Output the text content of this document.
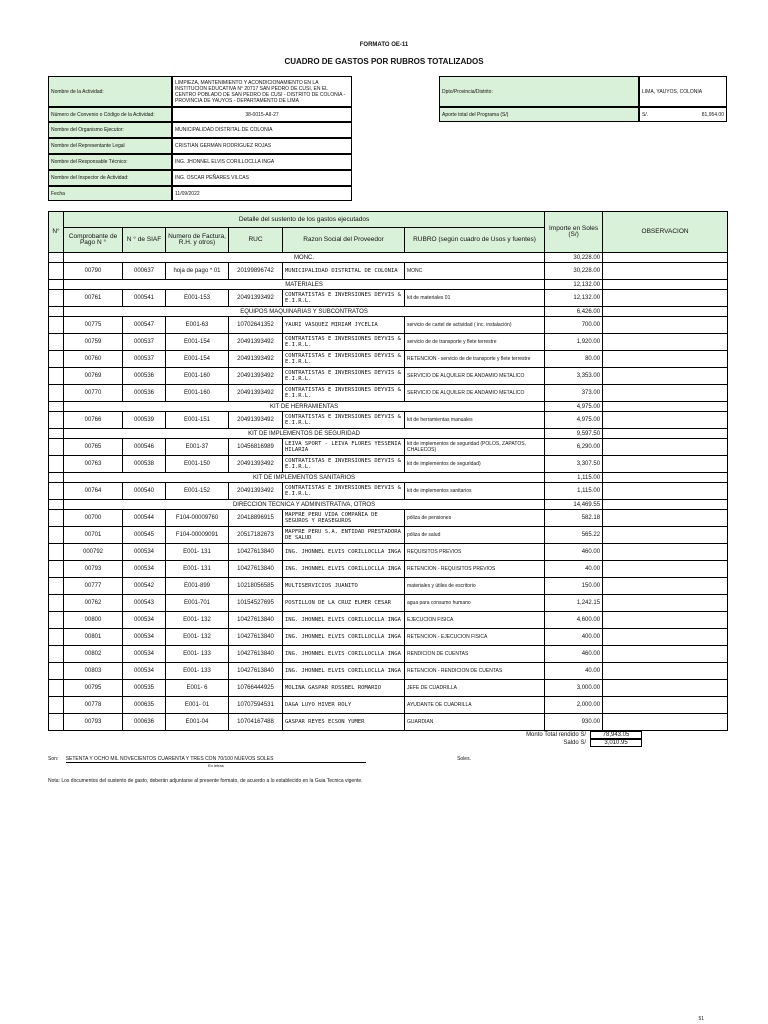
FORMATO OE-11
CUADRO DE GASTOS POR RUBROS TOTALIZADOS
Nombre de la Actividad:
LIMPIEZA, MANTENIMIENTO Y ACONDICIONAMIENTO EN LA INSTITUCION EDUCATIVA N° 20717 SAN PEDRO DE CUSI, EN EL CENTRO POBLADO DE SAN PEDRO DE CUSI - DISTRITO DE COLONIA - PROVINCIA DE YAUYOS - DEPARTAMENTO DE LIMA
Número de Convenio o Código de la Actividad:	38-0015-AII-27
Nombre del Organismo Ejecutor:	MUNICIPALIDAD DISTRITAL DE COLONIA
Nombre del Representante Legal	CRISTIAN GERMAN RODRIGUEZ ROJAS
Nombre del Responsable Técnico:	ING. JHONNEL ELVIS CORILLOCLLA INGA
Nombre del Inspector de Actividad:	ING. OSCAR PEÑARES VILCAS
Fecha	11/09/2022
Dpto/Provincia/Distrito:	LIMA, YAUYOS, COLONIA
Aporte total del Programa (S/)	S/.	81,954.00
N°	Detalle del sustento de los gastos ejecutados						Importe en Soles (S/)	OBSERVACION
	Comprobante de Pago N °	N ° de SIAF	Numero de Factura, R.H. y otros)	RUC	Razon Social del Proveedor	RUBRO (según cuadro de Usos y fuentes)		
	MONC.						30,228.00	
	00790	000637	hoja de pago * 01	20199896742	MUNICIPALIDAD DISTRITAL DE COLONIA	MONC	30,228.00	
	MATERIALES						12,132.00	
	00761	000541	E001-153	20491393492	CONTRATISTAS E INVERSIONES DEYVIS & E.I.R.L.	kit de materiales 01	12,132.00	
	EQUIPOS MAQUINARIAS Y SUBCONTRATOS						6,426.00	
	00775	000547	E001-63	10702641352	YAURI VASQUEZ MIRIAM JYCELIA	servicio de cartel de actividad ( inc. instalación)	700.00	
	00759	000537	E001-154	20491393492	CONTRATISTAS E INVERSIONES DEYVIS & E.I.R.L.	servicio de de transporte y flete terrestre	1,920.00	
	00760	000537	E001-154	20491393492	CONTRATISTAS E INVERSIONES DEYVIS & E.I.R.L.	RETENCION - servicio de de transporte y flete terrestre	80.00	
	00769	000536	E001-160	20491393492	CONTRATISTAS E INVERSIONES DEYVIS & E.I.R.L.	SERVICIO DE ALQUILER DE ANDAMIO METALICO	3,353.00	
	00770	000536	E001-160	20491393492	CONTRATISTAS E INVERSIONES DEYVIS & E.I.R.L.	SERVICIO DE ALQUILER DE ANDAMIO METALICO	373.00	
	KIT DE HERRAMIENTAS						4,975.00	
	00766	000539	E001-151	20491393492	CONTRATISTAS E INVERSIONES DEYVIS & E.I.R.L.	kit de herramientas manuales	4,975.00	
	KIT DE IMPLEMENTOS DE SEGURIDAD						9,597.50	
	00765	000546	E001-37	10456816989	LEIVA SPORT - LEIVA FLORES YESSENIA HILARIA	kit de implementos de seguridad (POLOS, ZAPATOS, CHALECOS)	6,290.00	
	00763	000538	E001-150	20491393492	CONTRATISTAS E INVERSIONES DEYVIS & E.I.R.L.	kit de implementos de seguridad)	3,307.50	
	KIT DE IMPLEMENTOS SANITARIOS						1,115.00	
	00764	000540	E001-152	20491393492	CONTRATISTAS E INVERSIONES DEYVIS & E.I.R.L.	kit de implementos sanitarios	1,115.00	
	DIRECCION TECNICA Y ADMINISTRATIVA, OTROS						14,469.55	
	00700	000544	F104-00009760	20418896915	MAPFRE PERU VIDA COMPAÑIA DE SEGUROS Y REASEGUROS	póliza de pensiones	582.18	
	00701	000545	F104-00009091	20517182673	MAPFRE PERU S.A. ENTIDAD PRESTADORA DE SALUD	póliza de salud	565.22	
	000792	000534	E001- 131	10427613840	ING. JHONNEL ELVIS CORILLOCLLA INGA	REQUISITOS PREVIOS	460.00	
	00793	000534	E001- 131	10427613840	ING. JHONNEL ELVIS CORILLOCLLA INGA	RETENCION - REQUISITOS PREVIOS	40.00	
	00777	000542	E001-899	10218056585	MULTISERVICIOS JUANITO	materiales y útiles de escritorio	150.00	
	00762	000543	E001-701	10154527695	POSTILLON DE LA CRUZ ELMER CESAR	agua para consumo humano	1,242.15	
	00800	000534	E001- 132	10427613840	ING. JHONNEL ELVIS CORILLOCLLA INGA	EJECUCION FISICA	4,600.00	
	00801	000534	E001- 132	10427613840	ING. JHONNEL ELVIS CORILLOCLLA INGA	RETENCION - EJECUCION FISICA	400.00	
	00802	000534	E001- 133	10427613840	ING. JHONNEL ELVIS CORILLOCLLA INGA	RENDICION DE CUENTAS	460.00	
	00803	000534	E001- 133	10427613840	ING. JHONNEL ELVIS CORILLOCLLA INGA	RETENCION - RENDICION DE CUENTAS	40.00	
	00795	000535	E001- 6	10766444925	MOLINA GASPAR ROSSBEL ROMARIO	JEFE DE CUADRILLA	3,000.00	
	00778	000635	E001- 01	10707594531	DAGA LUYO HIVER ROLY	AYUDANTE DE CUADRILLA	2,000.00	
	00793	000636	E001-04	10704167488	GASPAR REYES ECSON YUMER	GUARDIAN	930.00	
Monto Total rendido S/	78,943.05
Saldo S/	3,010.95
Son: SETENTA Y OCHO MIL NOVECIENTOS CUARENTA Y TRES CON 70/100 NUEVOS SOLES	Soles.
En letras
Nota: Los documentos del sustento de gasto, deberán adjuntarse al presente formato, de acuerdo a lo establecido en la Guia Tecnica vigente.
51
